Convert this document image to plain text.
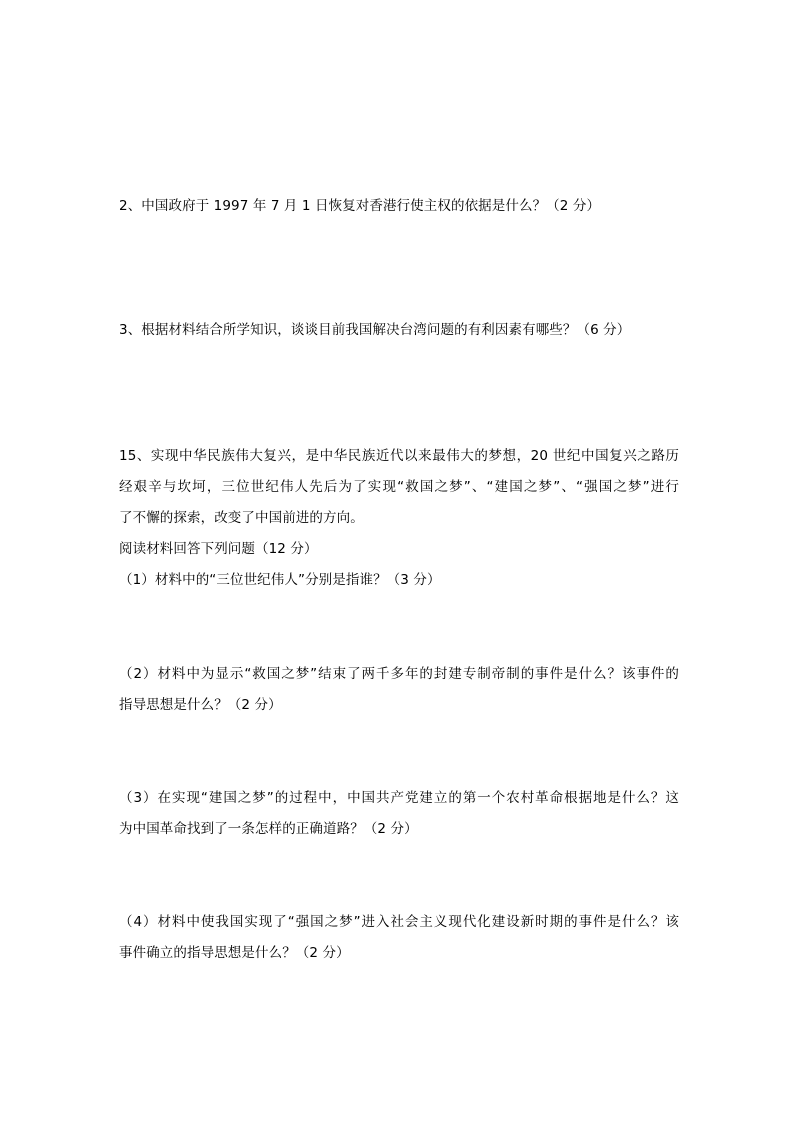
2、中国政府于 1997 年 7 月 1 日恢复对香港行使主权的依据是什么？（2 分）
3、根据材料结合所学知识，谈谈目前我国解决台湾问题的有利因素有哪些？（6 分）
15、实现中华民族伟大复兴，是中华民族近代以来最伟大的梦想，20 世纪中国复兴之路历
经艰辛与坎坷，三位世纪伟人先后为了实现“救国之梦”、“建国之梦”、“强国之梦”进行
了不懈的探索，改变了中国前进的方向。
阅读材料回答下列问题（12 分）
（1）材料中的“三位世纪伟人”分别是指谁？（3 分）
（2）材料中为显示“救国之梦”结束了两千多年的封建专制帝制的事件是什么？该事件的
指导思想是什么？（2 分）
（3）在实现“建国之梦”的过程中，中国共产党建立的第一个农村革命根据地是什么？这
为中国革命找到了一条怎样的正确道路？（2 分）
（4）材料中使我国实现了“强国之梦”进入社会主义现代化建设新时期的事件是什么？该
事件确立的指导思想是什么？（2 分）
